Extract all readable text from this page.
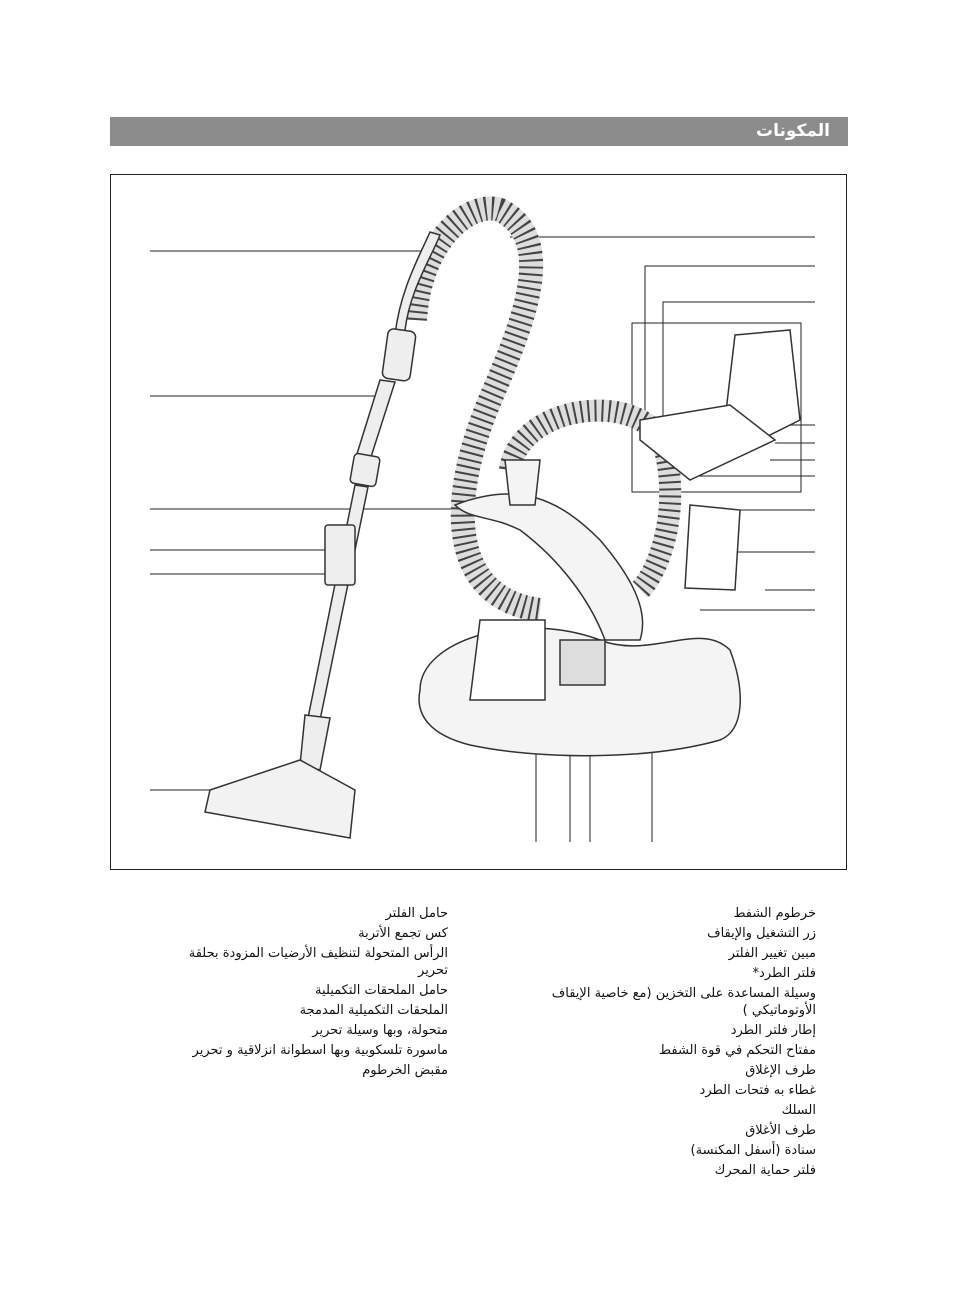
المكونات
خرطوم الشفط
زر التشغيل والإيقاف
مبين تغيير الفلتر
فلتر الطرد*
وسيلة المساعدة على التخزين (مع خاصية الإيقاف الأوتوماتيكي )
إطار فلتر الطرد
مفتاح التحكم في قوة الشفط
طرف الإغلاق
غطاء به فتحات الطرد
السلك
طرف الأغلاق
سنادة (أسفل المكنسة)
فلتر حماية المحرك
حامل الفلتر
كس تجمع الأتربة
الرأس المتحولة لتنظيف الأرضيات المزودة بحلقة تحرير
حامل الملحقات التكميلية
الملحقات التكميلية المدمجة
متحولة، وبها وسيلة تحرير
ماسورة تلسكوبية وبها اسطوانة انزلاقية و تحرير
مقبض الخرطوم
